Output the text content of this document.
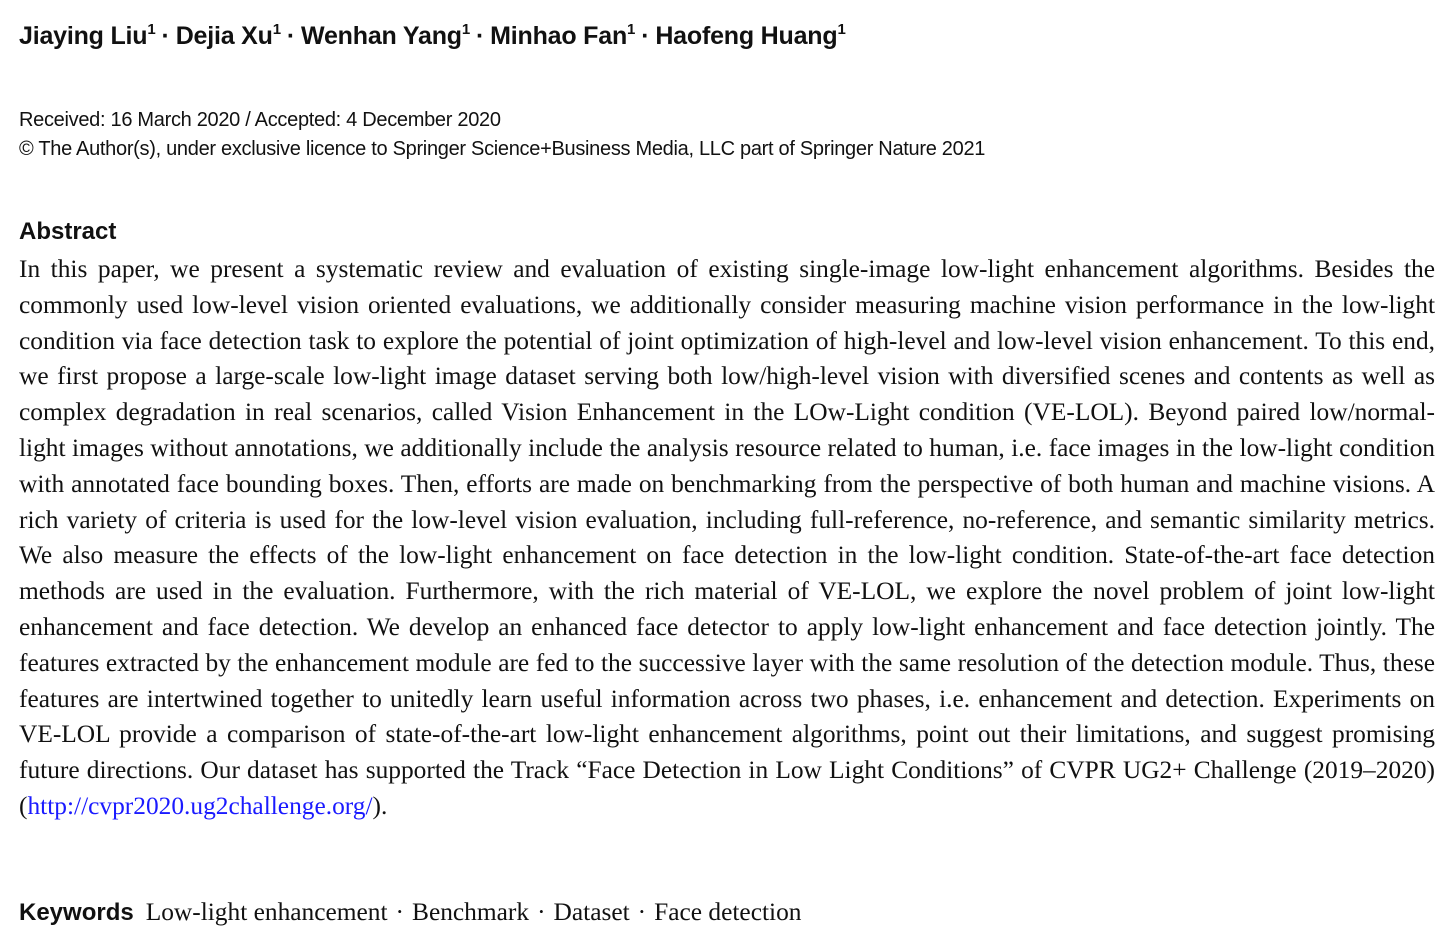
Jiaying Liu$^1$ · Dejia $Xu^1$ · Wenhan Yang$^1$ · Minhao Fan$^1$ · Haofeng Huang$^1$
Received: 16 March 2020 / Accepted: 4 December 2020
© The Author(s), under exclusive licence to Springer Science+Business Media, LLC part of Springer Nature 2021
Abstract

In this paper, we present a systematic review and evaluation of existing single-image low-light enhancement algorithms. Besides the commonly used low-level vision oriented evaluations, we additionally consider measuring machine vision performance in the low-light condition via face detection task to explore the potential of joint optimization of high-level and low-level vision enhancement. To this end, we first propose a large-scale low-light image dataset serving both low/high-level vision with diversified scenes and contents as well as complex degradation in real scenarios, called Vision Enhancement in the LOw-Light condition (VE-LOL). Beyond paired low/normal-light images without annotations, we additionally include the analysis resource related to human, i.e. face images in the low-light condition with annotated face bounding boxes. Then, efforts are made on benchmarking from the perspective of both human and machine visions. A rich variety of criteria is used for the low-level vision evaluation, including full-reference, no-reference, and semantic similarity metrics. We also measure the effects of the low-light enhancement on face detection in the low-light condition. State-of-the-art face detection methods are used in the evaluation. Furthermore, with the rich material of VE-LOL, we explore the novel problem of joint low-light enhancement and face detection. We develop an enhanced face detector to apply low-light enhancement and face detection jointly. The features extracted by the enhancement module are fed to the successive layer with the same resolution of the detection module. Thus, these features are intertwined together to unitedly learn useful information across two phases, i.e. enhancement and detection. Experiments on VE-LOL provide a comparison of state-of-the-art low-light enhancement algorithms, point out their limitations, and suggest promising future directions. Our dataset has supported the Track “Face Detection in Low Light Conditions” of CVPR UG2+ Challenge (2019–2020) (http://cvpr2020.ug2challenge.org/).

Keywords Low-light enhancement · Benchmark · Dataset · Face detection
